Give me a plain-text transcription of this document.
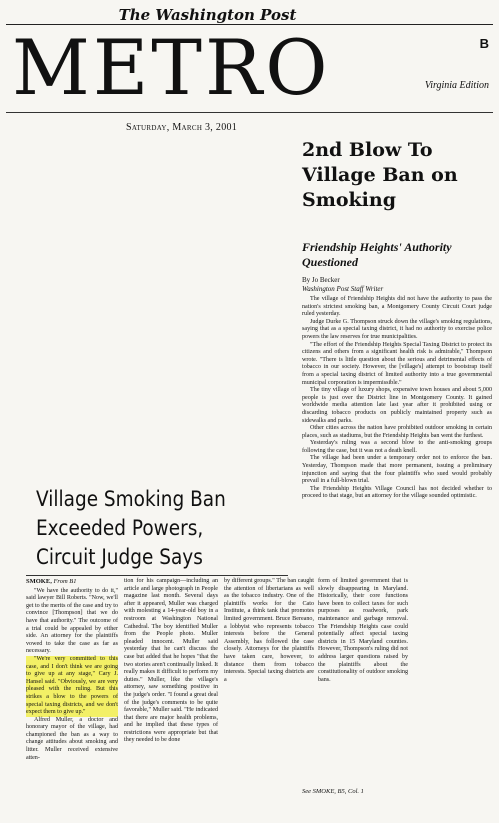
The Washington Post
METRO	B
Virginia Edition
Saturday, March 3, 2001
2nd Blow To Village Ban on Smoking
Friendship Heights' Authority Questioned
By Jo Becker
Washington Post Staff Writer

The village of Friendship Heights did not have the authority to pass the nation's strictest smoking ban, a Montgomery County Circuit Court judge ruled yesterday.

Judge Durke G. Thompson struck down the village's smoking regulations, saying that as a special taxing district, it had no authority to exercise police powers the law reserves for true municipalities.

"The effort of the Friendship Heights Special Taxing District to protect its citizens and others from a significant health risk is admirable," Thompson wrote. "There is little question about the serious and detrimental effects of tobacco in our society. However, the [village's] attempt to bootstrap itself from a special taxing district of limited authority into a true governmental municipal corporation is impermissible."

The tiny village of luxury shops, expensive town houses and about 5,000 people is just over the District line in Montgomery County. It gained worldwide media attention late last year after it prohibited using or discarding tobacco products on publicly maintained property such as sidewalks and parks.

Other cities across the nation have prohibited outdoor smoking in certain places, such as stadiums, but the Friendship Heights ban went the furthest.

Yesterday's ruling was a second blow to the anti-smoking groups following the case, but it was not a death knell.

The village had been under a temporary order not to enforce the ban. Yesterday, Thompson made that more permanent, issuing a preliminary injunction and saying that the four plaintiffs who sued would probably prevail in a full-blown trial.

The Friendship Heights Village Council has not decided whether to proceed to that stage, but an attorney for the village sounded optimistic.

See SMOKE, B5, Col. 1
Village Smoking Ban
Exceeded Powers,
Circuit Judge Says
SMOKE, From B1

"We have the authority to do it," said lawyer Bill Roberts. "Now, we'll get to the merits of the case and try to convince [Thompson] that we do have that authority." The outcome of a trial could be appealed by either side. An attorney for the plaintiffs vowed to take the case as far as necessary.

"We're very committed to this case, and I don't think we are going to give up at any stage," Cary J. Hansel said. "Obviously, we are very pleased with the ruling. But this strikes a blow to the powers of special taxing districts, and we don't expect them to give up."

Alfred Muller, a doctor and honorary mayor of the village, had championed the ban as a way to change attitudes about smoking and litter. Muller received extensive atten-

tion for his campaign—including an article and large photograph in People magazine last month. Several days after it appeared, Muller was charged with molesting a 14-year-old boy in a restroom at Washington National Cathedral. The boy identified Muller from the People photo. Muller pleaded innocent. Muller said yesterday that he can't discuss the case but added that he hopes "that the two stories aren't continually linked. It really makes it difficult to perform my duties." Muller, like the village's attorney, saw something positive in the judge's order. "I found a great deal of the judge's comments to be quite favorable," Muller said. "He indicated that there are major health problems, and he implied that these types of restrictions were appropriate but that they needed to be done

by different groups." The ban caught the attention of libertarians as well as the tobacco industry. One of the plaintiffs works for the Cato Institute, a think tank that promotes limited government. Bruce Bereano, a lobbyist who represents tobacco interests before the General Assembly, has followed the case closely. Attorneys for the plaintiffs have taken care, however, to distance them from tobacco interests. Special taxing districts are a

form of limited government that is slowly disappearing in Maryland. Historically, their core functions have been to collect taxes for such purposes as roadwork, park maintenance and garbage removal. The Friendship Heights case could potentially affect special taxing districts in 15 Maryland counties. However, Thompson's ruling did not address larger questions raised by the plaintiffs about the constitutionality of outdoor smoking bans.
